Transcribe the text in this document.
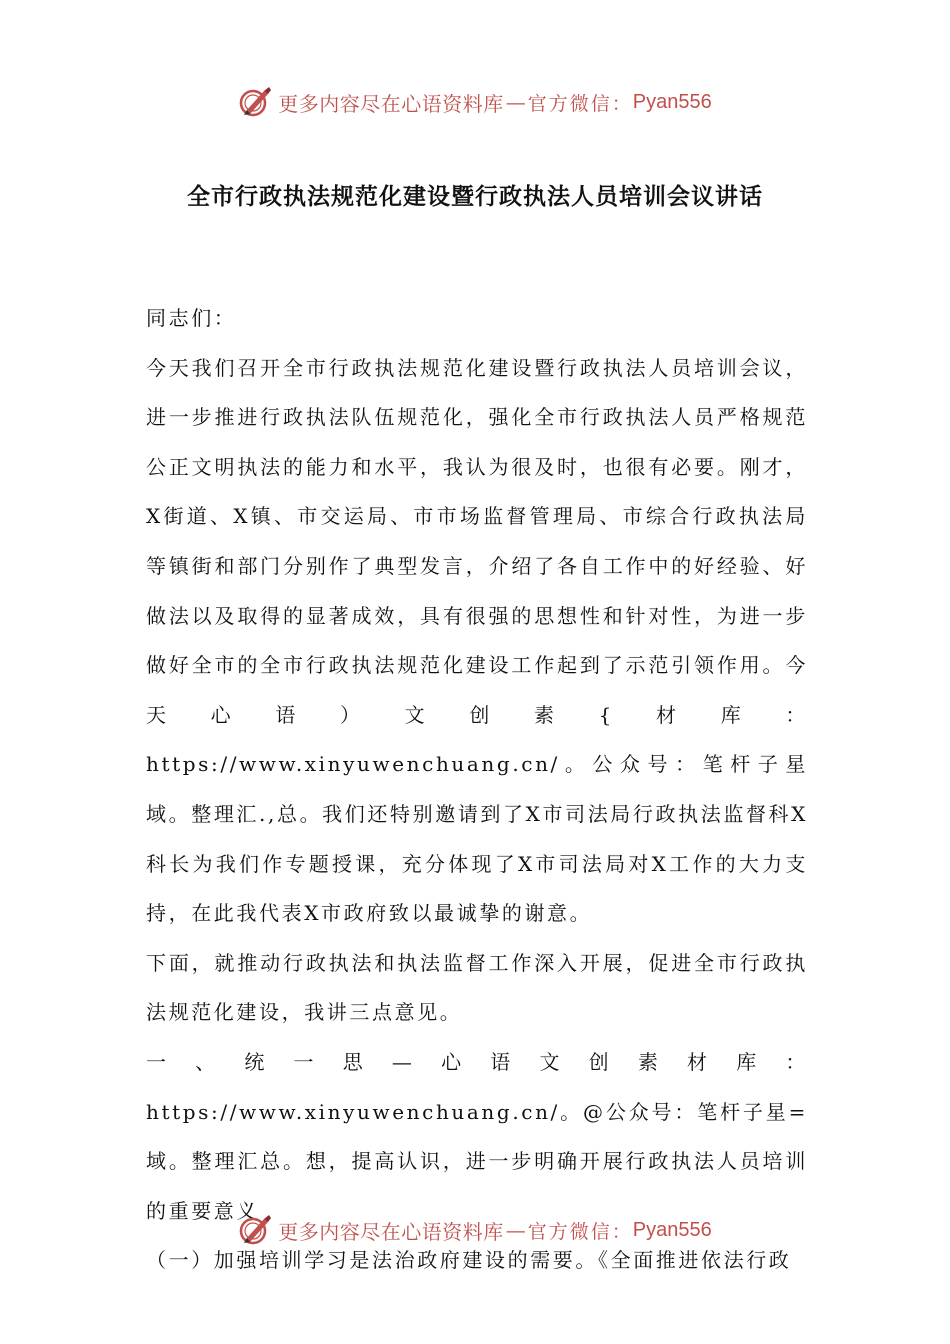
更多内容尽在心语资料库 — 官方微信： Pyan556
全市行政执法规范化建设暨行政执法人员培训会议讲话

同志们：

今天我们召开全市行政执法规范化建设暨行政执法人员培训会议，进一步推进行政执法队伍规范化，强化全市行政执法人员严格规范公正文明执法的能力和水平，我认为很及时，也很有必要。刚才，X街道、X镇、市交运局、市市场监督管理局、市综合行政执法局等镇街和部门分别作了典型发言，介绍了各自工作中的好经验、好做法以及取得的显著成效，具有很强的思想性和针对性，为进一步做好全市的全市行政执法规范化建设工作起到了示范引领作用。今天心语）文创素{材库：https://www.xinyuwenchuang.cn/。公众号：笔杆子星域。整理汇.,总。我们还特别邀请到了X市司法局行政执法监督科X科长为我们作专题授课，充分体现了X市司法局对X工作的大力支持，在此我代表X市政府致以最诚挚的谢意。

下面，就推动行政执法和执法监督工作深入开展，促进全市行政执法规范化建设，我讲三点意见。

一、统一思—心语文创素材库：https://www.xinyuwenchuang.cn/。@公众号：笔杆子星=域。整理汇总。想，提高认识，进一步明确开展行政执法人员培训的重要意义

（一）加强培训学习是法治政府建设的需要。《全面推进依法行政

更多内容尽在心语资料库 — 官方微信： Pyan556
